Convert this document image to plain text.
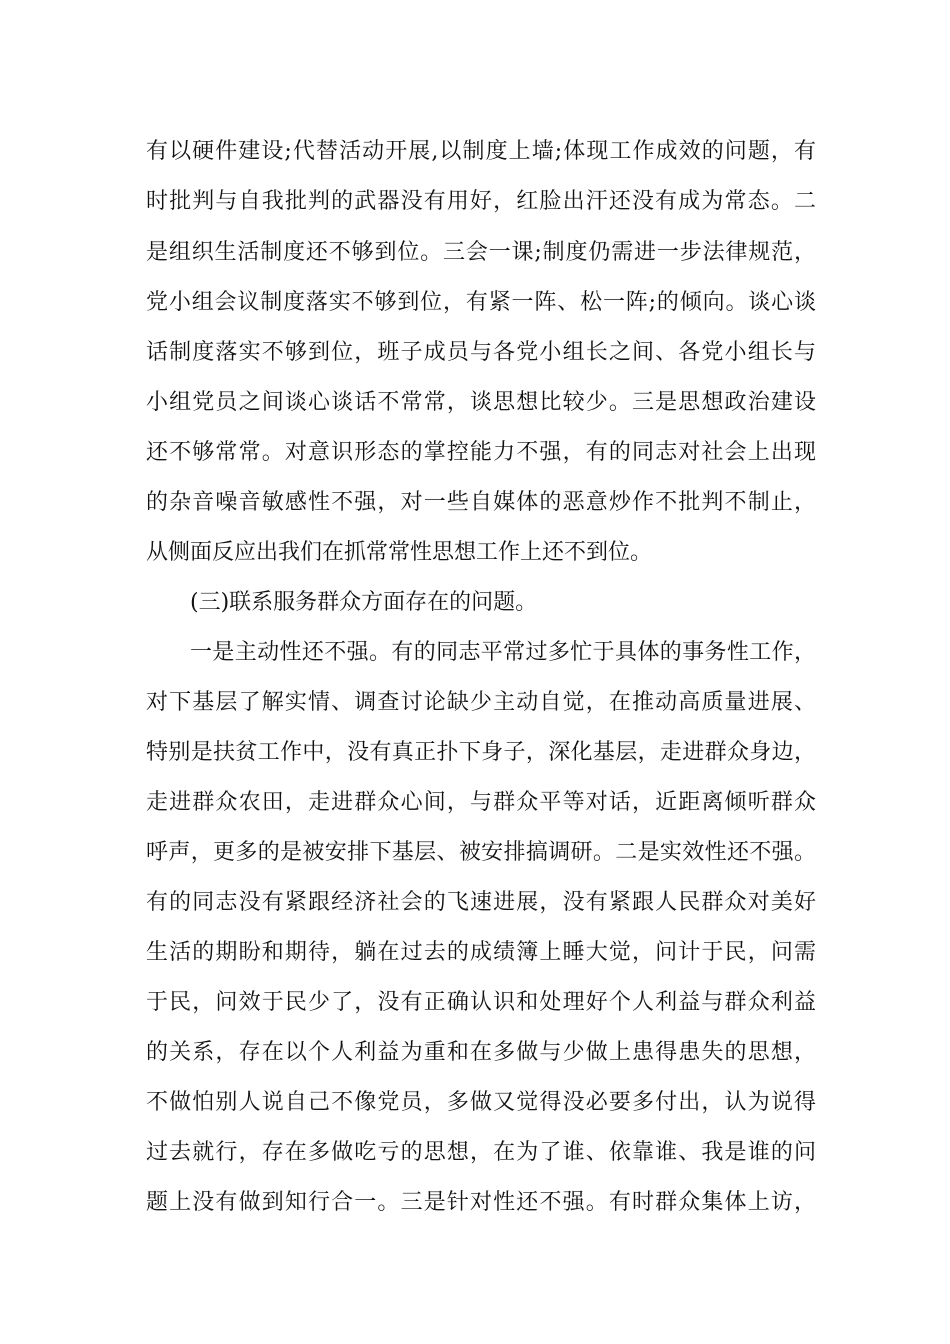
有以硬件建设;代替活动开展,以制度上墙;体现工作成效的问题，有
时批判与自我批判的武器没有用好，红脸出汗还没有成为常态。二
是组织生活制度还不够到位。三会一课;制度仍需进一步法律规范，
党小组会议制度落实不够到位，有紧一阵、松一阵;的倾向。谈心谈
话制度落实不够到位，班子成员与各党小组长之间、各党小组长与
小组党员之间谈心谈话不常常，谈思想比较少。三是思想政治建设
还不够常常。对意识形态的掌控能力不强，有的同志对社会上出现
的杂音噪音敏感性不强，对一些自媒体的恶意炒作不批判不制止，
从侧面反应出我们在抓常常性思想工作上还不到位。
(三)联系服务群众方面存在的问题。
一是主动性还不强。有的同志平常过多忙于具体的事务性工作，
对下基层了解实情、调查讨论缺少主动自觉，在推动高质量进展、
特别是扶贫工作中，没有真正扑下身子，深化基层，走进群众身边，
走进群众农田，走进群众心间，与群众平等对话，近距离倾听群众
呼声，更多的是被安排下基层、被安排搞调研。二是实效性还不强。
有的同志没有紧跟经济社会的飞速进展，没有紧跟人民群众对美好
生活的期盼和期待，躺在过去的成绩簿上睡大觉，问计于民，问需
于民，问效于民少了，没有正确认识和处理好个人利益与群众利益
的关系，存在以个人利益为重和在多做与少做上患得患失的思想，
不做怕别人说自己不像党员，多做又觉得没必要多付出，认为说得
过去就行，存在多做吃亏的思想，在为了谁、依靠谁、我是谁的问
题上没有做到知行合一。三是针对性还不强。有时群众集体上访，
